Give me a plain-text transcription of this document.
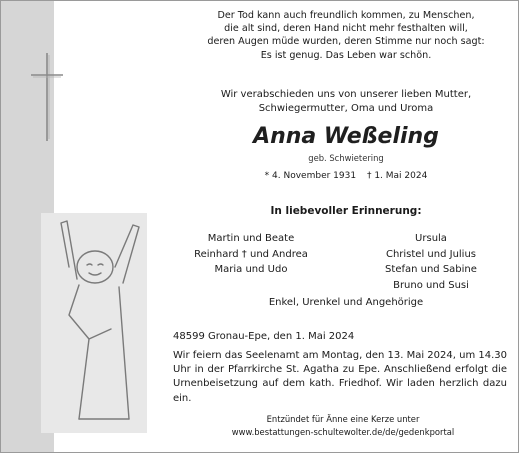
Der Tod kann auch freundlich kommen, zu Menschen,
die alt sind, deren Hand nicht mehr festhalten will,
deren Augen müde wurden, deren Stimme nur noch sagt:
Es ist genug. Das Leben war schön.
Wir verabschieden uns von unserer lieben Mutter,
Schwiegermutter, Oma und Uroma
Anna Weßeling
geb. Schwietering
* 4. November 1931 † 1. Mai 2024
In liebevoller Erinnerung:
Martin und Beate
Reinhard † und Andrea
Maria und Udo
Ursula
Christel und Julius
Stefan und Sabine
Bruno und Susi
Enkel, Urenkel und Angehörige
48599 Gronau-Epe, den 1. Mai 2024
Wir feiern das Seelenamt am Montag, den 13. Mai 2024, um 14.30 Uhr in der Pfarrkirche St. Agatha zu Epe. Anschließend erfolgt die Urnenbeisetzung auf dem kath. Friedhof. Wir laden herzlich dazu ein.
Entzündet für Änne eine Kerze unter
www.bestattungen-schultewolter.de/de/gedenkportal
